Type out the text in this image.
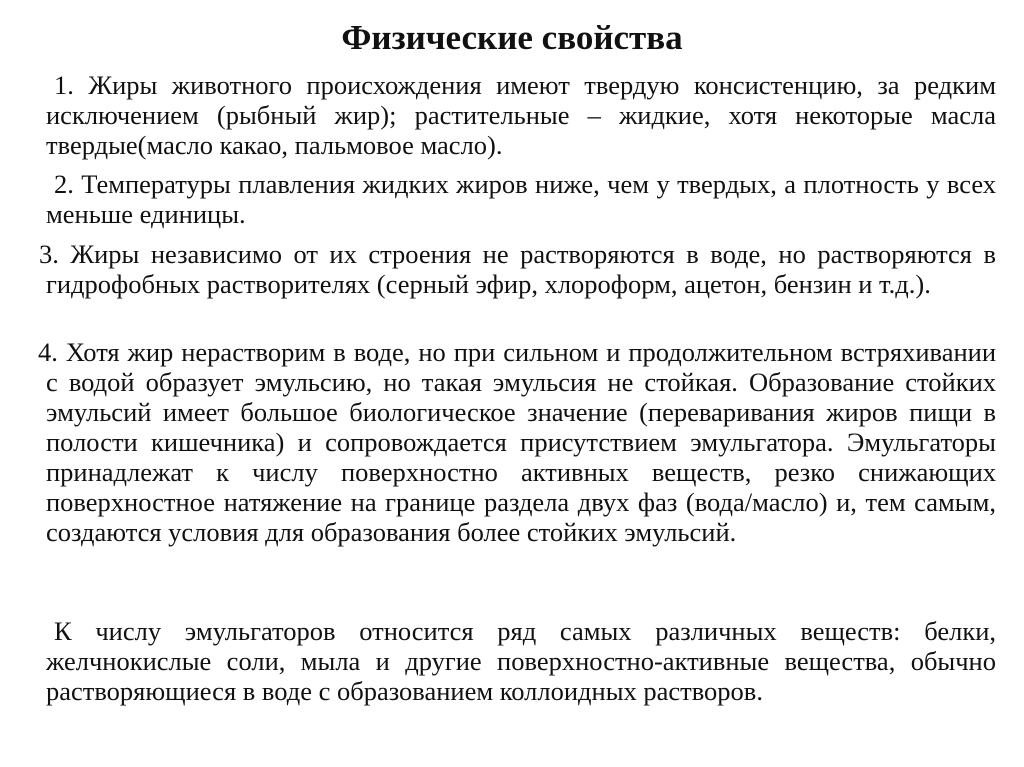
Физические свойства

1. Жиры животного происхождения имеют твердую консистенцию, за редким исключением (рыбный жир); растительные – жидкие, хотя некоторые масла твердые(масло какао, пальмовое масло).

2. Температуры плавления жидких жиров ниже, чем у твердых, а плотность у всех меньше единицы.

3. Жиры независимо от их строения не растворяются в воде, но растворяются в гидрофобных растворителях (серный эфир, хлороформ, ацетон, бензин и т.д.).

4. Хотя жир нерастворим в воде, но при сильном и продолжительном встряхивании с водой образует эмульсию, но такая эмульсия не стойкая. Образование стойких эмульсий имеет большое биологическое значение (переваривания жиров пищи в полости кишечника) и сопровождается присутствием эмульгатора. Эмульгаторы принадлежат к числу поверхностно активных веществ, резко снижающих поверхностное натяжение на границе раздела двух фаз (вода/масло) и, тем самым, создаются условия для образования более стойких эмульсий.

К числу эмульгаторов относится ряд самых различных веществ: белки, желчнокислые соли, мыла и другие поверхностно-активные вещества, обычно растворяющиеся в воде с образованием коллоидных растворов.
